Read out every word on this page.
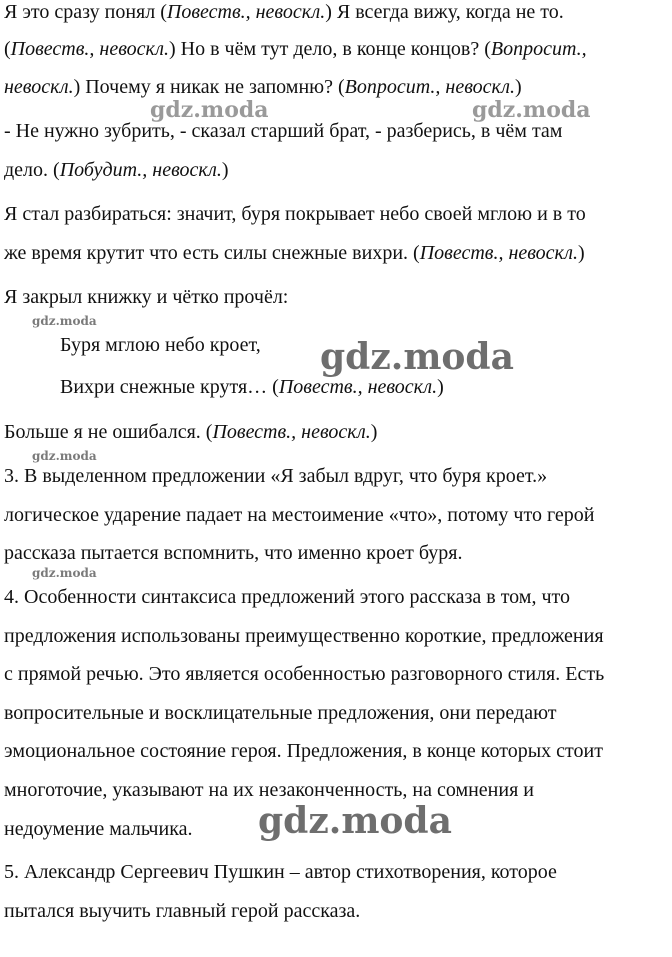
Я это сразу понял (Повеств., невоскл.) Я всегда вижу, когда не то.
(Повеств., невоскл.) Но в чём тут дело, в конце концов? (Вопросит.,
невоскл.) Почему я никак не запомню? (Вопросит., невоскл.)
- Не нужно зубрить, - сказал старший брат, - разберись, в чём там
дело. (Побудит., невоскл.)
Я стал разбираться: значит, буря покрывает небо своей мглою и в то
же время крутит что есть силы снежные вихри. (Повеств., невоскл.)
Я закрыл книжку и чётко прочёл:
Буря мглою небо кроет,
Вихри снежные крутя… (Повеств., невоскл.)
Больше я не ошибался. (Повеств., невоскл.)
3. В выделенном предложении «Я забыл вдруг, что буря кроет.»
логическое ударение падает на местоимение «что», потому что герой
рассказа пытается вспомнить, что именно кроет буря.
4. Особенности синтаксиса предложений этого рассказа в том, что
предложения использованы преимущественно короткие, предложения
с прямой речью. Это является особенностью разговорного стиля. Есть
вопросительные и восклицательные предложения, они передают
эмоциональное состояние героя. Предложения, в конце которых стоит
многоточие, указывают на их незаконченность, на сомнения и
недоумение мальчика.
5. Александр Сергеевич Пушкин – автор стихотворения, которое
пытался выучить главный герой рассказа.
gdz.moda	gdz.moda
gdz.moda
gdz.moda
gdz.moda
gdz.moda
gdz.moda
